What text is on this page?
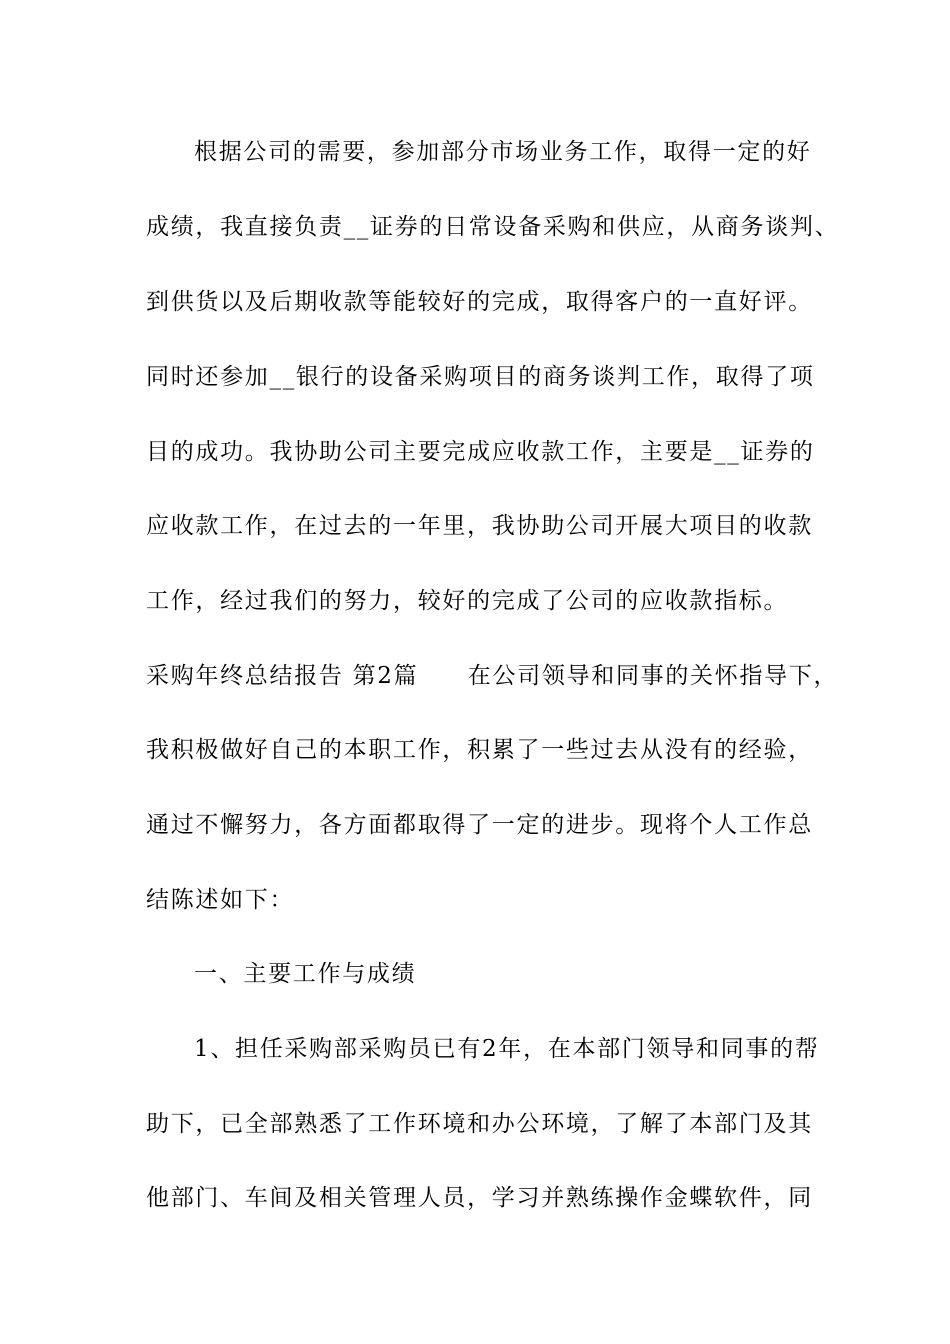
根据公司的需要，参加部分市场业务工作，取得一定的好
成绩，我直接负责__证券的日常设备采购和供应，从商务谈判、
到供货以及后期收款等能较好的完成，取得客户的一直好评。
同时还参加__银行的设备采购项目的商务谈判工作，取得了项
目的成功。我协助公司主要完成应收款工作，主要是__证券的
应收款工作，在过去的一年里，我协助公司开展大项目的收款
工作，经过我们的努力，较好的完成了公司的应收款指标。
采购年终总结报告 第2篇　　在公司领导和同事的关怀指导下，
我积极做好自己的本职工作，积累了一些过去从没有的经验，
通过不懈努力，各方面都取得了一定的进步。现将个人工作总
结陈述如下：
一、主要工作与成绩
1、担任采购部采购员已有2年，在本部门领导和同事的帮
助下，已全部熟悉了工作环境和办公环境，了解了本部门及其
他部门、车间及相关管理人员，学习并熟练操作金蝶软件，同
